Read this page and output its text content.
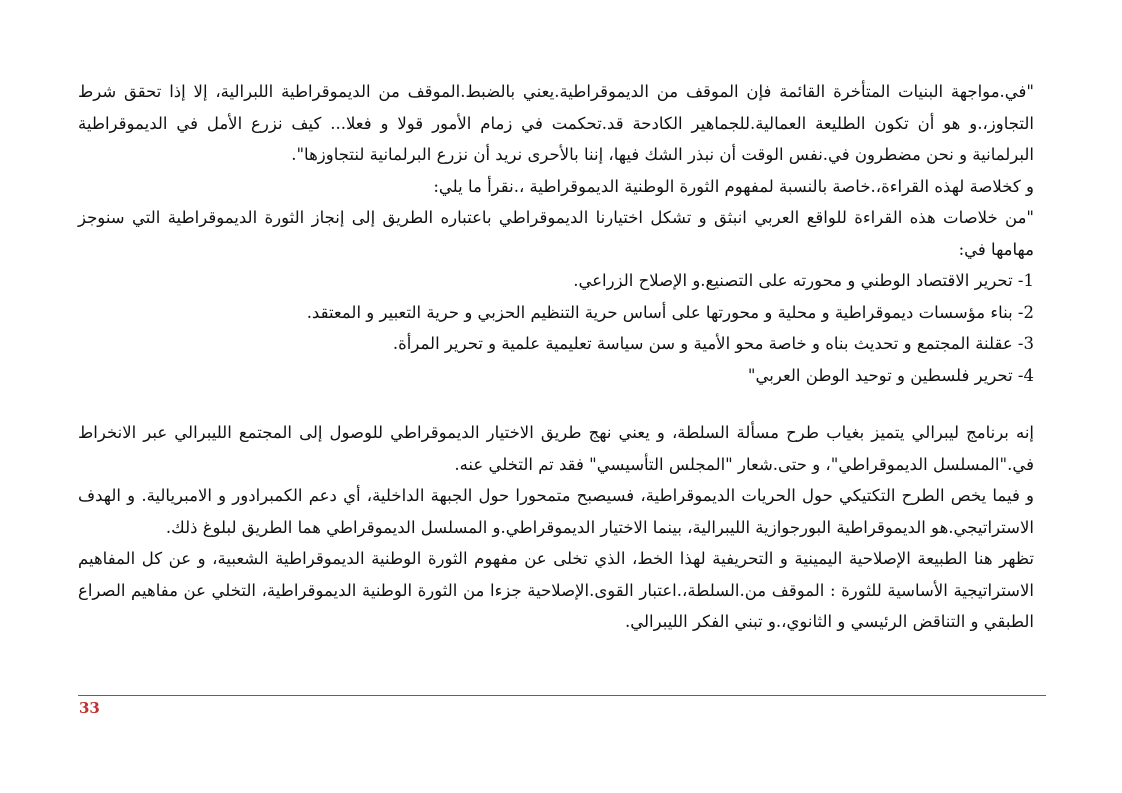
"في.مواجهة البنيات المتأخرة القائمة فإن الموقف من الديموقراطية.يعني بالضبط.الموقف من الديموقراطية اللبرالية، إلا إذا تحقق شرط التجاوز،.و هو أن تكون الطليعة العمالية.للجماهير الكادحة قد.تحكمت في زمام الأمور قولا و فعلا... كيف نزرع الأمل في الديموقراطية البرلمانية و نحن مضطرون في.نفس الوقت أن نبذر الشك فيها، إننا بالأحرى نريد أن نزرع البرلمانية لنتجاوزها".

و كخلاصة لهذه القراءة،.خاصة بالنسبة لمفهوم الثورة الوطنية الديموقراطية ،.نقرأ ما يلي:

"من خلاصات هذه القراءة للواقع العربي انبثق و تشكل اختيارنا الديموقراطي باعتباره الطريق إلى إنجاز الثورة الديموقراطية التي سنوجز مهامها في:

1- تحرير الاقتصاد الوطني و محورته على التصنيع.و الإصلاح الزراعي.
2- بناء مؤسسات ديموقراطية و محلية و محورتها على أساس حرية التنظيم الحزبي و حرية التعبير و المعتقد.
3- عقلنة المجتمع و تحديث بناه و خاصة محو الأمية و سن سياسة تعليمية علمية و تحرير المرأة.
4- تحرير فلسطين و توحيد الوطن العربي"

إنه برنامج ليبرالي يتميز بغياب طرح مسألة السلطة، و يعني نهج طريق الاختيار الديموقراطي للوصول إلى المجتمع الليبرالي عبر الانخراط في."المسلسل الديموقراطي"، و حتى.شعار "المجلس التأسيسي" فقد تم التخلي عنه.

و فيما يخص الطرح التكتيكي حول الحريات الديموقراطية، فسيصبح متمحورا حول الجبهة الداخلية، أي دعم الكمبرادور و الامبريالية. و الهدف الاستراتيجي.هو الديموقراطية البورجوازية الليبرالية، بينما الاختيار الديموقراطي.و المسلسل الديموقراطي هما الطريق لبلوغ ذلك.

تظهر هنا الطبيعة الإصلاحية اليمينية و التحريفية لهذا الخط، الذي تخلى عن مفهوم الثورة الوطنية الديموقراطية الشعبية، و عن كل المفاهيم الاستراتيجية الأساسية للثورة : الموقف من.السلطة،.اعتبار القوى.الإصلاحية جزءا من الثورة الوطنية الديموقراطية، التخلي عن مفاهيم الصراع الطبقي و التناقض الرئيسي و الثانوي،.و تبني الفكر الليبرالي.

33
